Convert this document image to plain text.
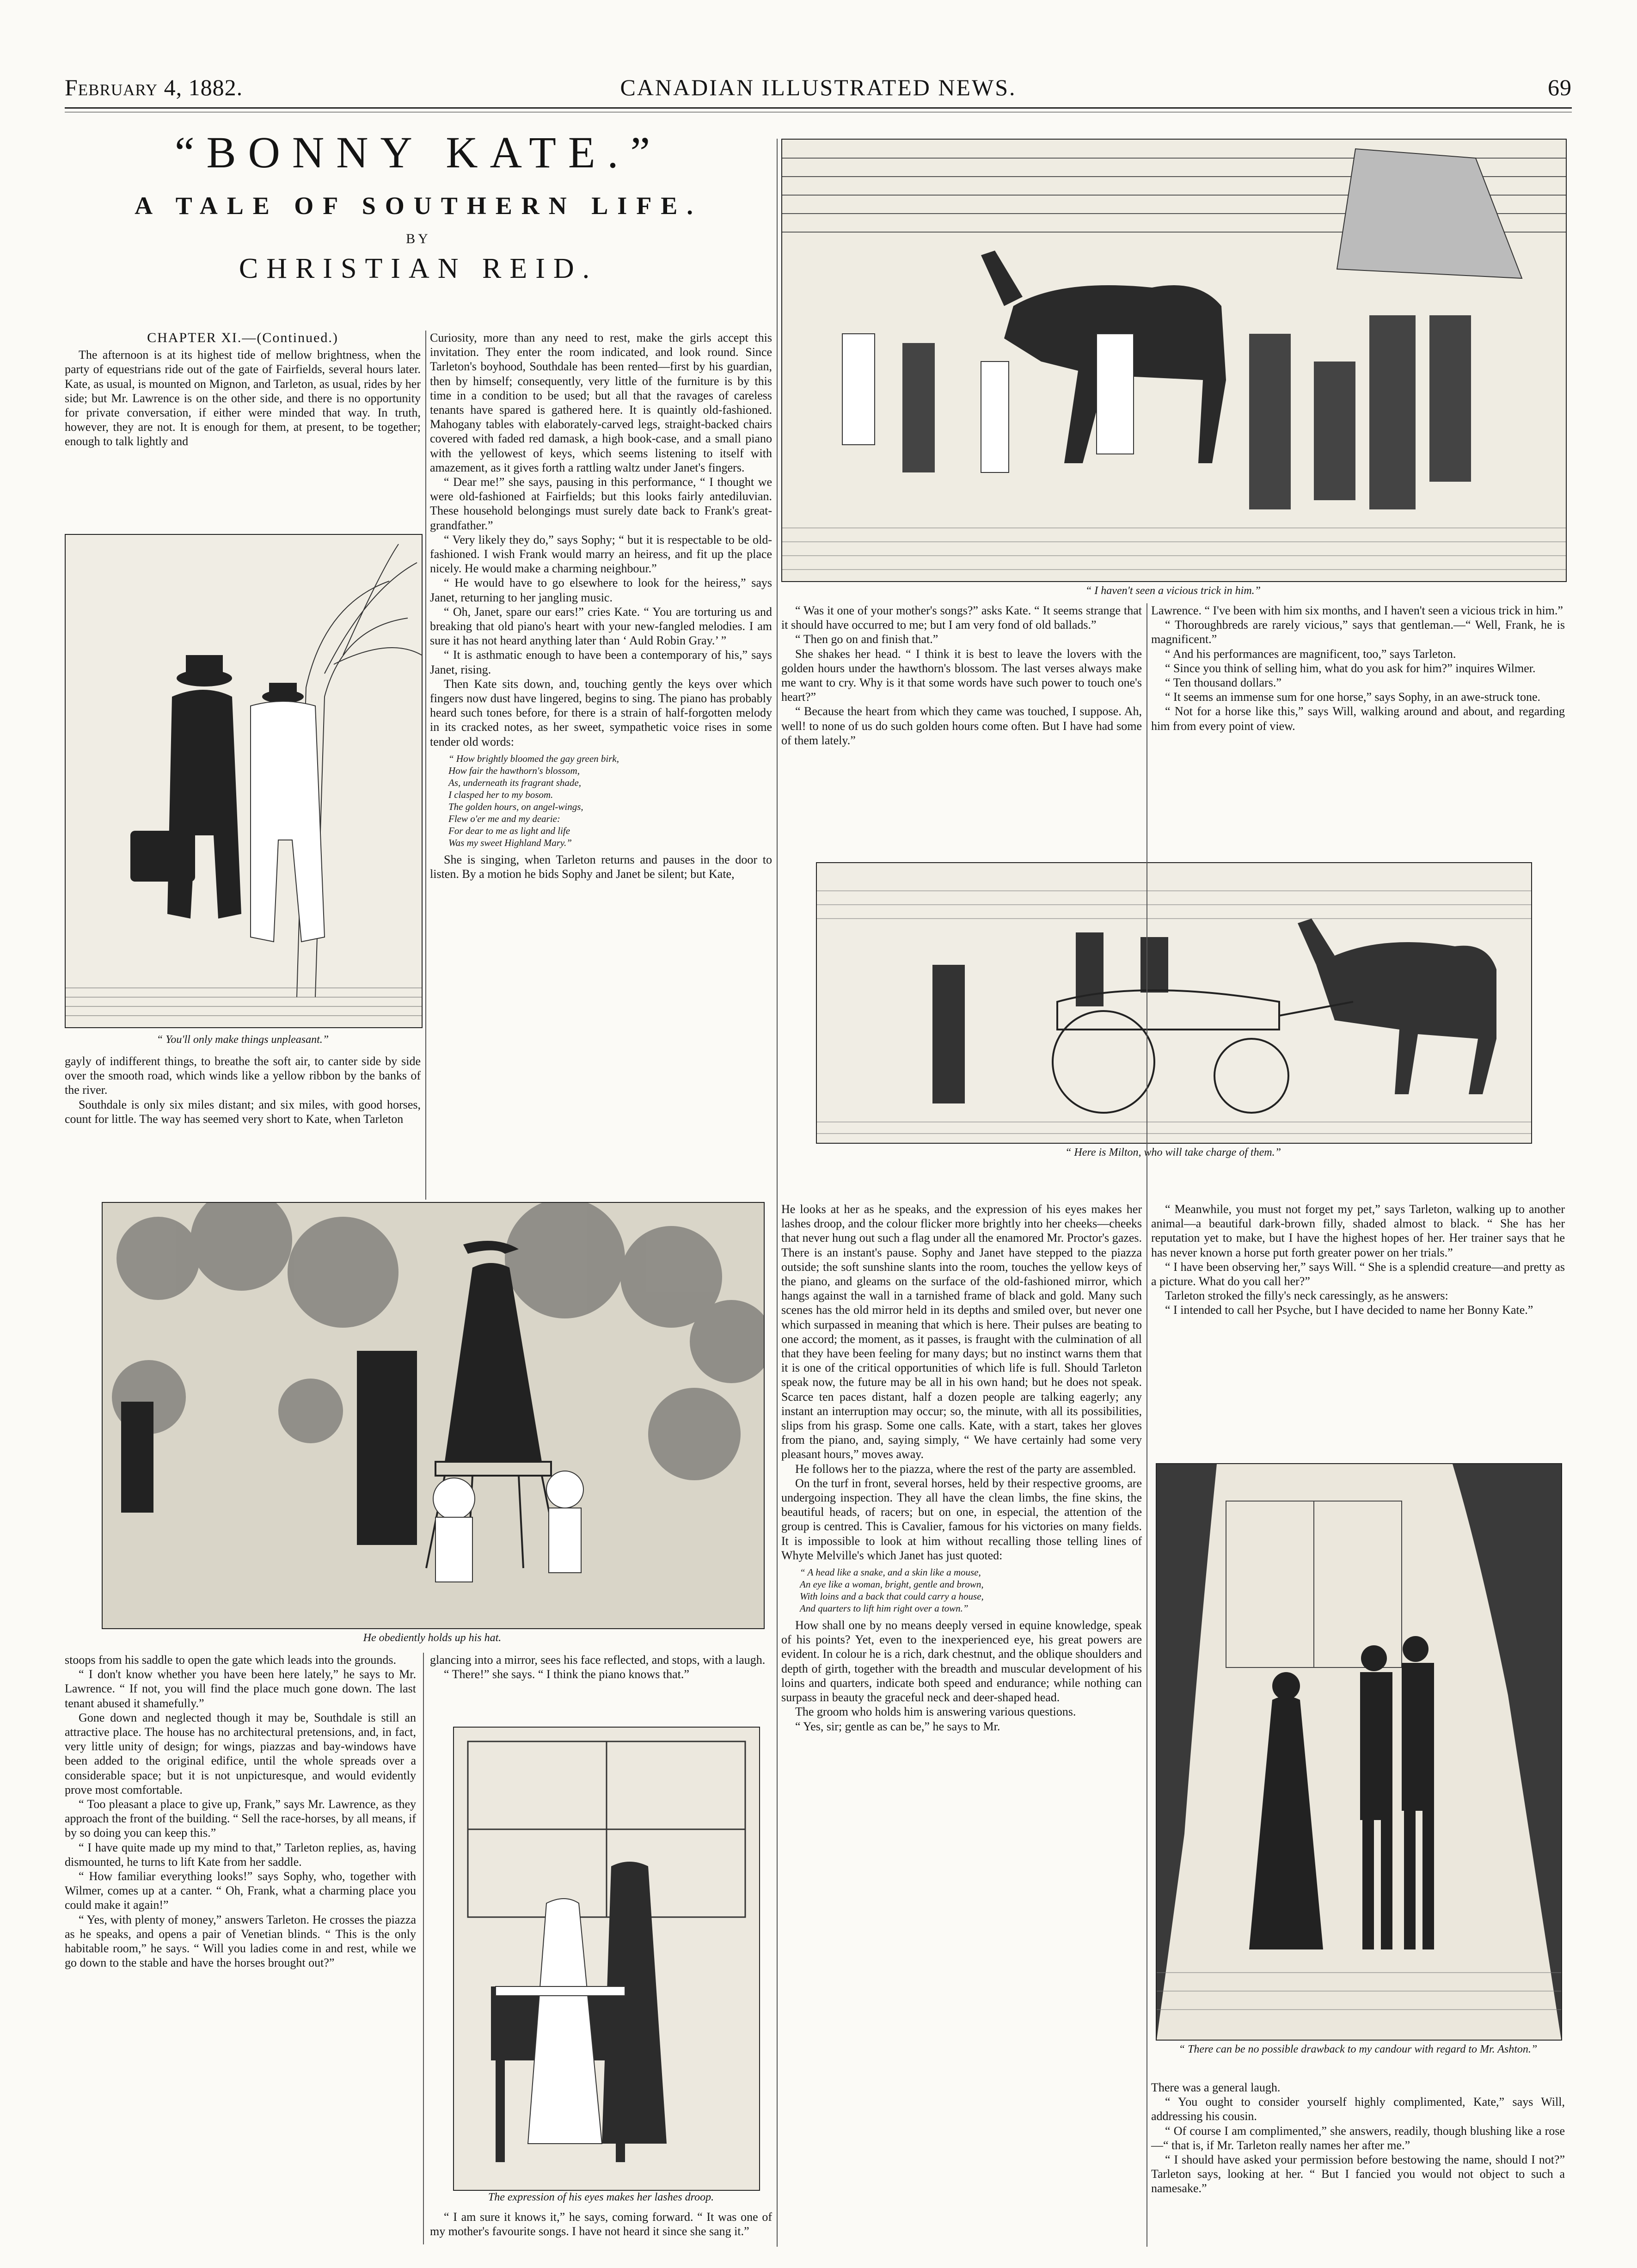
February 4, 1882.	CANADIAN ILLUSTRATED NEWS.	69
“BONNY KATE.”
A TALE OF SOUTHERN LIFE.
BY
CHRISTIAN REID.

CHAPTER XI.—(Continued.)

The afternoon is at its highest tide of mellow brightness, when the party of equestrians ride out of the gate of Fairfields, several hours later. Kate, as usual, is mounted on Mignon, and Tarleton, as usual, rides by her side; but Mr. Lawrence is on the other side, and there is no opportunity for private conversation, if either were minded that way. In truth, however, they are not. It is enough for them, at present, to be together; enough to talk lightly and

“ You'll only make things unpleasant.”

gayly of indifferent things, to breathe the soft air, to canter side by side over the smooth road, which winds like a yellow ribbon by the banks of the river.

Southdale is only six miles distant; and six miles, with good horses, count for little. The way has seemed very short to Kate, when Tarleton

Curiosity, more than any need to rest, make the girls accept this invitation. They enter the room indicated, and look round. Since Tarleton's boyhood, Southdale has been rented—first by his guardian, then by himself; consequently, very little of the furniture is by this time in a condition to be used; but all that the ravages of careless tenants have spared is gathered here. It is quaintly old-fashioned. Mahogany tables with elaborately-carved legs, straight-backed chairs covered with faded red damask, a high book-case, and a small piano with the yellowest of keys, which seems listening to itself with amazement, as it gives forth a rattling waltz under Janet's fingers.

“ Dear me!” she says, pausing in this performance, “ I thought we were old-fashioned at Fairfields; but this looks fairly antediluvian. These household belongings must surely date back to Frank's great-grandfather.”

“ Very likely they do,” says Sophy; “ but it is respectable to be old-fashioned. I wish Frank would marry an heiress, and fit up the place nicely. He would make a charming neighbour.”

“ He would have to go elsewhere to look for the heiress,” says Janet, returning to her jangling music.

“ Oh, Janet, spare our ears!” cries Kate. “ You are torturing us and breaking that old piano's heart with your new-fangled melodies. I am sure it has not heard anything later than ‘ Auld Robin Gray.’ ”

“ It is asthmatic enough to have been a contemporary of his,” says Janet, rising.

Then Kate sits down, and, touching gently the keys over which fingers now dust have lingered, begins to sing. The piano has probably heard such tones before, for there is a strain of half-forgotten melody in its cracked notes, as her sweet, sympathetic voice rises in some tender old words:

“ How brightly bloomed the gay green birk,

How fair the hawthorn's blossom,

As, underneath its fragrant shade,

I clasped her to my bosom.

The golden hours, on angel-wings,

Flew o'er me and my dearie:

For dear to me as light and life

Was my sweet Highland Mary.”

She is singing, when Tarleton returns and pauses in the door to listen. By a motion he bids Sophy and Janet be silent; but Kate,

“ I haven't seen a vicious trick in him.”

“ Was it one of your mother's songs?” asks Kate. “ It seems strange that it should have occurred to me; but I am very fond of old ballads.”

“ Then go on and finish that.”

She shakes her head. “ I think it is best to leave the lovers with the golden hours under the hawthorn's blossom. The last verses always make me want to cry. Why is it that some words have such power to touch one's heart?”

“ Because the heart from which they came was touched, I suppose. Ah, well! to none of us do such golden hours come often. But I have had some of them lately.”

Lawrence. “ I've been with him six months, and I haven't seen a vicious trick in him.”

“ Thoroughbreds are rarely vicious,” says that gentleman.—“ Well, Frank, he is magnificent.”

“ And his performances are magnificent, too,” says Tarleton.

“ Since you think of selling him, what do you ask for him?” inquires Wilmer.

“ Ten thousand dollars.”

“ It seems an immense sum for one horse,” says Sophy, in an awe-struck tone.

“ Not for a horse like this,” says Will, walking around and about, and regarding him from every point of view.

“ Here is Milton, who will take charge of them.”
He obediently holds up his hat.

stoops from his saddle to open the gate which leads into the grounds.

“ I don't know whether you have been here lately,” he says to Mr. Lawrence. “ If not, you will find the place much gone down. The last tenant abused it shamefully.”

Gone down and neglected though it may be, Southdale is still an attractive place. The house has no architectural pretensions, and, in fact, very little unity of design; for wings, piazzas and bay-windows have been added to the original edifice, until the whole spreads over a considerable space; but it is not unpicturesque, and would evidently prove most comfortable.

“ Too pleasant a place to give up, Frank,” says Mr. Lawrence, as they approach the front of the building. “ Sell the race-horses, by all means, if by so doing you can keep this.”

“ I have quite made up my mind to that,” Tarleton replies, as, having dismounted, he turns to lift Kate from her saddle.

“ How familiar everything looks!” says Sophy, who, together with Wilmer, comes up at a canter. “ Oh, Frank, what a charming place you could make it again!”

“ Yes, with plenty of money,” answers Tarleton. He crosses the piazza as he speaks, and opens a pair of Venetian blinds. “ This is the only habitable room,” he says. “ Will you ladies come in and rest, while we go down to the stable and have the horses brought out?”

glancing into a mirror, sees his face reflected, and stops, with a laugh.

“ There!” she says. “ I think the piano knows that.”

The expression of his eyes makes her lashes droop.

“ I am sure it knows it,” he says, coming forward. “ It was one of my mother's favourite songs. I have not heard it since she sang it.”

He looks at her as he speaks, and the expression of his eyes makes her lashes droop, and the colour flicker more brightly into her cheeks—cheeks that never hung out such a flag under all the enamored Mr. Proctor's gazes. There is an instant's pause. Sophy and Janet have stepped to the piazza outside; the soft sunshine slants into the room, touches the yellow keys of the piano, and gleams on the surface of the old-fashioned mirror, which hangs against the wall in a tarnished frame of black and gold. Many such scenes has the old mirror held in its depths and smiled over, but never one which surpassed in meaning that which is here. Their pulses are beating to one accord; the moment, as it passes, is fraught with the culmination of all that they have been feeling for many days; but no instinct warns them that it is one of the critical opportunities of which life is full. Should Tarleton speak now, the future may be all in his own hand; but he does not speak. Scarce ten paces distant, half a dozen people are talking eagerly; any instant an interruption may occur; so, the minute, with all its possibilities, slips from his grasp. Some one calls. Kate, with a start, takes her gloves from the piano, and, saying simply, “ We have certainly had some very pleasant hours,” moves away.

He follows her to the piazza, where the rest of the party are assembled.

On the turf in front, several horses, held by their respective grooms, are undergoing inspection. They all have the clean limbs, the fine skins, the beautiful heads, of racers; but on one, in especial, the attention of the group is centred. This is Cavalier, famous for his victories on many fields. It is impossible to look at him without recalling those telling lines of Whyte Melville's which Janet has just quoted:

“ A head like a snake, and a skin like a mouse,

An eye like a woman, bright, gentle and brown,

With loins and a back that could carry a house,

And quarters to lift him right over a town.”

How shall one by no means deeply versed in equine knowledge, speak of his points? Yet, even to the inexperienced eye, his great powers are evident. In colour he is a rich, dark chestnut, and the oblique shoulders and depth of girth, together with the breadth and muscular development of his loins and quarters, indicate both speed and endurance; while nothing can surpass in beauty the graceful neck and deer-shaped head.

The groom who holds him is answering various questions.

“ Yes, sir; gentle as can be,” he says to Mr.

“ Meanwhile, you must not forget my pet,” says Tarleton, walking up to another animal—a beautiful dark-brown filly, shaded almost to black. “ She has her reputation yet to make, but I have the highest hopes of her. Her trainer says that he has never known a horse put forth greater power on her trials.”

“ I have been observing her,” says Will. “ She is a splendid creature—and pretty as a picture. What do you call her?”

Tarleton stroked the filly's neck caressingly, as he answers:

“ I intended to call her Psyche, but I have decided to name her Bonny Kate.”

“ There can be no possible drawback to my candour with regard to Mr. Ashton.”

There was a general laugh.

“ You ought to consider yourself highly complimented, Kate,” says Will, addressing his cousin.

“ Of course I am complimented,” she answers, readily, though blushing like a rose—“ that is, if Mr. Tarleton really names her after me.”

“ I should have asked your permission before bestowing the name, should I not?” Tarleton says, looking at her. “ But I fancied you would not object to such a namesake.”
